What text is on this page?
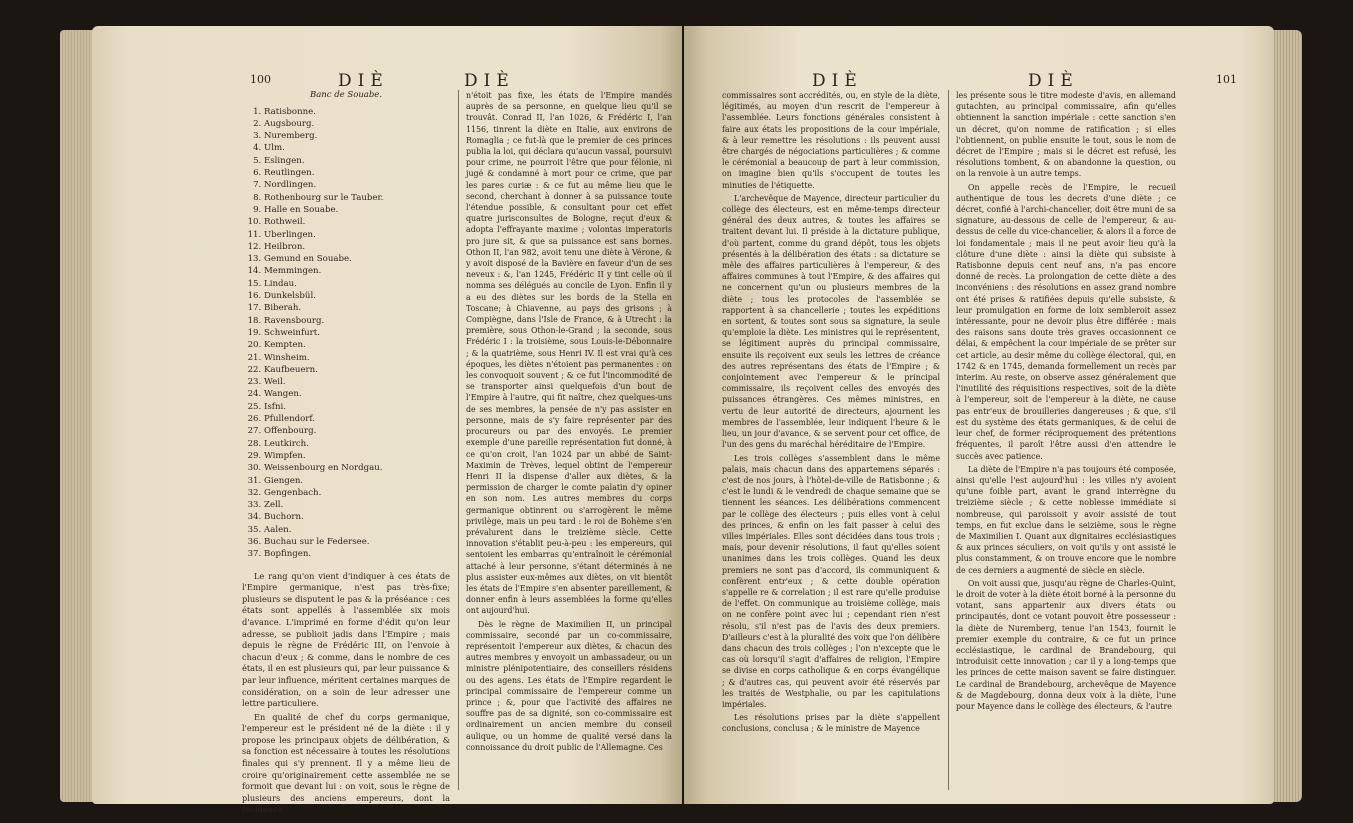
100	DIÈ	DIÈ
Banc de Souabe.
1. Ratisbonne.
2. Augsbourg.
3. Nuremberg.
4. Ulm.
5. Eslingen.
6. Reutlingen.
7. Nordlingen.
8. Rothenbourg sur le Tauber.
9. Halle en Souabe.
10. Rothweil.
11. Uberlingen.
12. Heilbron.
13. Gemund en Souabe.
14. Memmingen.
15. Lindau.
16. Dunkelsbül.
17. Biberah.
18. Ravensbourg.
19. Schweinfurt.
20. Kempten.
21. Winsheim.
22. Kaufbeuern.
23. Weil.
24. Wangen.
25. Isfni.
26. Pfullendorf.
27. Offenbourg.
28. Leutkirch.
29. Wimpfen.
30. Weissenbourg en Nordgau.
31. Giengen.
32. Gengenbach.
33. Zell.
34. Buchorn.
35. Aalen.
36. Buchau sur le Federsee.
37. Bopfingen.

Le rang qu'on vient d'indiquer à ces états de l'Empire germanique, n'est pas très-fixe; plusieurs se disputent le pas & la préséance : ces états sont appellés à l'assemblée six mois d'avance. L'imprimé en forme d'édit qu'on leur adresse, se publioit jadis dans l'Empire ; mais depuis le règne de Frédéric III, on l'envoie à chacun d'eux ; & comme, dans le nombre de ces états, il en est plusieurs qui, par leur puissance & par leur influence, méritent certaines marques de considération, on a soin de leur adresser une lettre particuliere.

En qualité de chef du corps germanique, l'empereur est le président né de la diète : il y propose les principaux objets de délibération, & sa fonction est nécessaire à toutes les résolutions finales qui s'y prennent. Il y a même lieu de croire qu'originairement cette assemblée ne se formoit que devant lui : on voit, sous le règne de plusieurs des anciens empereurs, dont la résidence

n'étoit pas fixe, les états de l'Empire mandés auprès de sa personne, en quelque lieu qu'il se trouvât. Conrad II, l'an 1026, & Frédéric I, l'an 1156, tinrent la diète en Italie, aux environs de Romaglia ; ce fut-là que le premier de ces princes publia la loi, qui déclara qu'aucun vassal, poursuivi pour crime, ne pourroit l'être que pour félonie, ni jugé & condamné à mort pour ce crime, que par les pares curiæ : & ce fut au même lieu que le second, cherchant à donner à sa puissance toute l'étendue possible, & consultant pour cet effet quatre jurisconsultes de Bologne, reçut d'eux & adopta l'effrayante maxime ; volontas imperatoris pro jure sit, & que sa puissance est sans bornes. Othon II, l'an 982, avoit tenu une diète à Vérone, & y avoit disposé de la Bavière en faveur d'un de ses neveux : &, l'an 1245, Frédéric II y tint celle où il nomma ses délégués au concile de Lyon. Enfin il y a eu des diètes sur les bords de la Stella en Toscane; à Chiavenne, au pays des grisons ; à Compiègne, dans l'Isle de France, & à Utrecht : la première, sous Othon-le-Grand ; la seconde, sous Frédéric I : la troisième, sous Louis-le-Débonnaire ; & la quatrième, sous Henri IV. Il est vrai qu'à ces époques, les diètes n'étoient pas permanentes : on les convoquoit souvent ; & ce fut l'incommodité de se transporter ainsi quelquefois d'un bout de l'Empire à l'autre, qui fit naître, chez quelques-uns de ses membres, la pensée de n'y pas assister en personne, mais de s'y faire représenter par des procureurs ou par des envoyés. Le premier exemple d'une pareille représentation fut donné, à ce qu'on croit, l'an 1024 par un abbé de Saint-Maximin de Trèves, lequel obtint de l'empereur Henri II la dispense d'aller aux diètes, & la permission de charger le comte palatin d'y opiner en son nom. Les autres membres du corps germanique obtinrent ou s'arrogèrent le même privilège, mais un peu tard : le roi de Bohème s'en prévalurent dans le treizième siècle. Cette innovation s'établit peu-à-peu : les empereurs, qui sentoient les embarras qu'entraînoit le cérémonial attaché à leur personne, s'étant déterminés à ne plus assister eux-mêmes aux diètes, on vit bientôt les états de l'Empire s'en absenter pareillement, & donner enfin à leurs assemblées la forme qu'elles ont aujourd'hui.

Dès le règne de Maximilien II, un principal commissaire, secondé par un co-commissaire, représentoit l'empereur aux diètes, & chacun des autres membres y envoyoit un ambassadeur, ou un ministre plénipotentiaire, des conseillers résidens ou des agens. Les états de l'Empire regardent le principal commissaire de l'empereur comme un prince ; &, pour que l'activité des affaires ne souffre pas de sa dignité, son co-commissaire est ordinairement un ancien membre du conseil aulique, ou un homme de qualité versé dans la connoissance du droit public de l'Allemagne. Ces

DIÈ	DIÈ	101

commissaires sont accrédités, ou, en style de la diète, légitimés, au moyen d'un rescrit de l'empereur à l'assemblée. Leurs fonctions générales consistent à faire aux états les propositions de la cour impériale, & à leur remettre les résolutions : ils peuvent aussi être chargés de négociations particulières ; & comme le cérémonial a beaucoup de part à leur commission, on imagine bien qu'ils s'occupent de toutes les minuties de l'étiquette.

L'archevêque de Mayence, directeur particulier du collège des électeurs, est en même-temps directeur général des deux autres, & toutes les affaires se traitent devant lui. Il préside à la dictature publique, d'où partent, comme du grand dépôt, tous les objets présentés à la délibération des états : sa dictature se mêle des affaires particulières à l'empereur, & des affaires communes à tout l'Empire, & des affaires qui ne concernent qu'un ou plusieurs membres de la diète ; tous les protocoles de l'assemblée se rapportent à sa chancellerie ; toutes les expéditions en sortent, & toutes sont sous sa signature, la seule qu'emploie la diète. Les ministres qui le représentent, se légitiment auprès du principal commissaire, ensuite ils reçoivent eux seuls les lettres de créance des autres représentans des états de l'Empire ; & conjointement avec l'empereur & le principal commissaire, ils reçoivent celles des envoyés des puissances étrangères. Ces mêmes ministres, en vertu de leur autorité de directeurs, ajournent les membres de l'assemblée, leur indiquent l'heure & le lieu, un jour d'avance, & se servent pour cet office, de l'un des gens du maréchal héréditaire de l'Empire.

Les trois collèges s'assemblent dans le même palais, mais chacun dans des appartemens séparés : c'est de nos jours, à l'hôtel-de-ville de Ratisbonne ; & c'est le lundi & le vendredi de chaque semaine que se tiennent les séances. Les délibérations commencent par le collège des électeurs ; puis elles vont à celui des princes, & enfin on les fait passer à celui des villes impériales. Elles sont décidées dans tous trois ; mais, pour devenir résolutions, il faut qu'elles soient unanimes dans les trois collèges. Quand les deux premiers ne sont pas d'accord, ils communiquent & confèrent entr'eux ; & cette double opération s'appelle re & correlation ; il est rare qu'elle produise de l'effet. On communique au troisième collège, mais on ne confère point avec lui ; cependant rien n'est résolu, s'il n'est pas de l'avis des deux premiers. D'ailleurs c'est à la pluralité des voix que l'on délibère dans chacun des trois collèges ; l'on n'excepte que le cas où lorsqu'il s'agit d'affaires de religion, l'Empire se divise en corps catholique & en corps évangélique ; & d'autres cas, qui peuvent avoir été réservés par les traités de Westphalie, ou par les capitulations impériales.

Les résolutions prises par la diète s'appellent conclusions, conclusa ; & le ministre de Mayence

les présente sous le titre modeste d'avis, en allemand gutachten, au principal commissaire, afin qu'elles obtiennent la sanction impériale : cette sanction s'en un décret, qu'on nomme de ratification ; si elles l'obtiennent, on publie ensuite le tout, sous le nom de décret de l'Empire ; mais si le décret est refusé, les résolutions tombent, & on abandonne la question, ou on la renvoie à un autre temps.

On appelle recès de l'Empire, le recueil authentique de tous les decrets d'une diète ; ce décret, confié à l'archi-chancelier, doit être muni de sa signature, au-dessous de celle de l'empereur, & au-dessus de celle du vice-chancelier, & alors il a force de loi fondamentale ; mais il ne peut avoir lieu qu'à la clôture d'une diète : ainsi la diète qui subsiste à Ratisbonne depuis cent neuf ans, n'a pas encore donné de recès. La prolongation de cette diète a des inconvéniens : des résolutions en assez grand nombre ont été prises & ratifiées depuis qu'elle subsiste, & leur promulgation en forme de loix sembleroit assez intéressante, pour ne devoir plus être différée : mais des raisons sans doute très graves occasionnent ce délai, & empêchent la cour impériale de se prêter sur cet article, au desir même du collège électoral, qui, en 1742 & en 1745, demanda formellement un recès par interim. Au reste, on observe assez généralement que l'inutilité des réquisitions respectives, soit de la diète à l'empereur, soit de l'empereur à la diète, ne cause pas entr'eux de brouilleries dangereuses ; & que, s'il est du système des états germaniques, & de celui de leur chef, de former réciproquement des prétentions fréquentes, il paroît l'être aussi d'en attendre le succès avec patience.

La diète de l'Empire n'a pas toujours été composée, ainsi qu'elle l'est aujourd'hui : les villes n'y avoient qu'une foible part, avant le grand interrègne du treizième siècle ; & cette noblesse immédiate si nombreuse, qui paroissoit y avoir assisté de tout temps, en fut exclue dans le seizième, sous le règne de Maximilien I. Quant aux dignitaires ecclésiastiques & aux princes séculiers, on voit qu'ils y ont assisté le plus constamment, & on trouve encore que le nombre de ces derniers a augmenté de siècle en siècle.

On voit aussi que, jusqu'au règne de Charles-Quint, le droit de voter à la diète étoit borné à la personne du votant, sans appartenir aux divers états ou principautés, dont ce votant pouvoit être possesseur : la diète de Nuremberg, tenue l'an 1543, fournit le premier exemple du contraire, & ce fut un prince ecclésiastique, le cardinal de Brandebourg, qui introduisit cette innovation ; car il y a long-temps que les princes de cette maison savent se faire distinguer. Le cardinal de Brandebourg, archevêque de Mayence & de Magdebourg, donna deux voix à la diète, l'une pour Mayence dans le collège des électeurs, & l'autre
